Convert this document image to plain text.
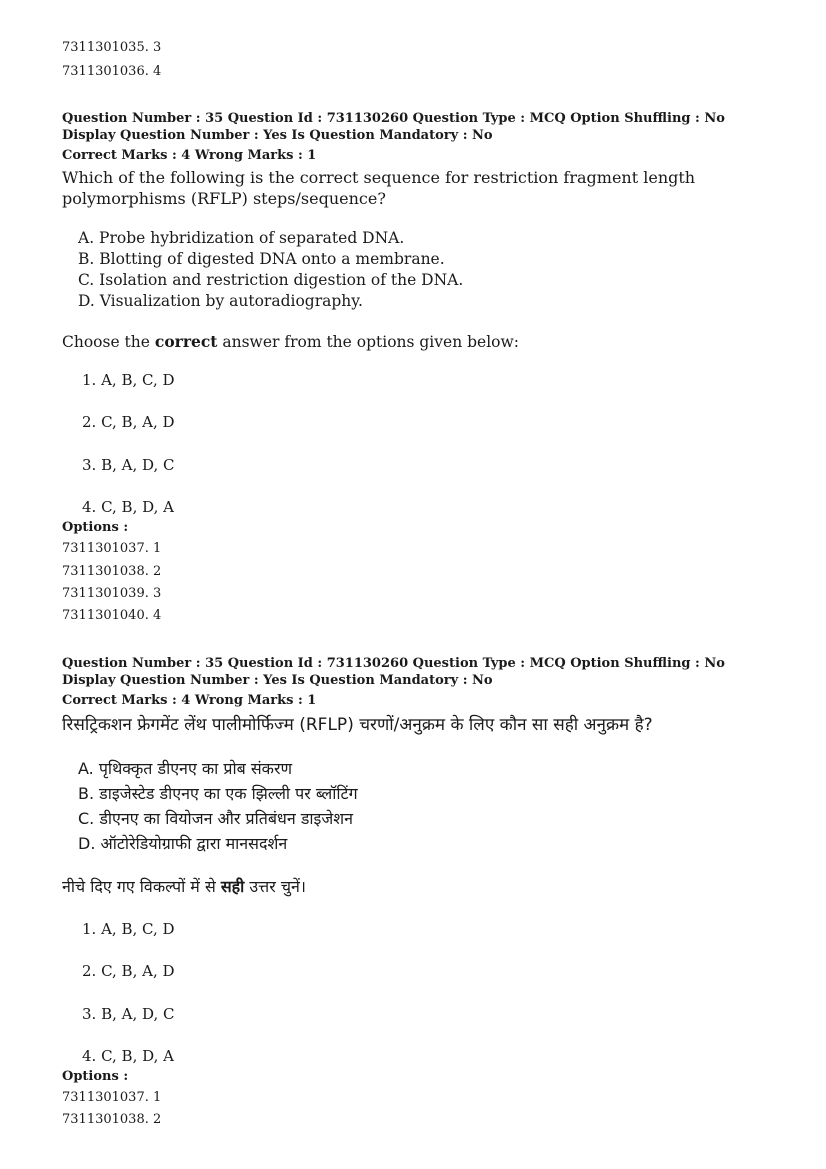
7311301035. 3
7311301036. 4
Question Number : 35 Question Id : 731130260 Question Type : MCQ Option Shuffling : No Display Question Number : Yes Is Question Mandatory : No
Correct Marks : 4 Wrong Marks : 1
Which of the following is the correct sequence for restriction fragment length polymorphisms (RFLP) steps/sequence?
A. Probe hybridization of separated DNA.
B. Blotting of digested DNA onto a membrane.
C. Isolation and restriction digestion of the DNA.
D. Visualization by autoradiography.
Choose the correct answer from the options given below:
1. A, B, C, D
2. C, B, A, D
3. B, A, D, C
4. C, B, D, A
Options :
7311301037. 1
7311301038. 2
7311301039. 3
7311301040. 4
Question Number : 35 Question Id : 731130260 Question Type : MCQ Option Shuffling : No Display Question Number : Yes Is Question Mandatory : No
Correct Marks : 4 Wrong Marks : 1
रिसट्रिकशन फ्रेगमेंट लेंथ पालीमोर्फिज्म (RFLP) चरणों/अनुक्रम के लिए कौन सा सही अनुक्रम है?
A. पृथिक्कृत डीएनए का प्रोब संकरण
B. डाइजेस्टेड डीएनए का एक झिल्ली पर ब्लॉटिंग
C. डीएनए का वियोजन और प्रतिबंधन डाइजेशन
D. ऑटोरेडियोग्राफी द्वारा मानसदर्शन
नीचे दिए गए विकल्पों में से सही उत्तर चुनें।
1. A, B, C, D
2. C, B, A, D
3. B, A, D, C
4. C, B, D, A
Options :
7311301037. 1
7311301038. 2
